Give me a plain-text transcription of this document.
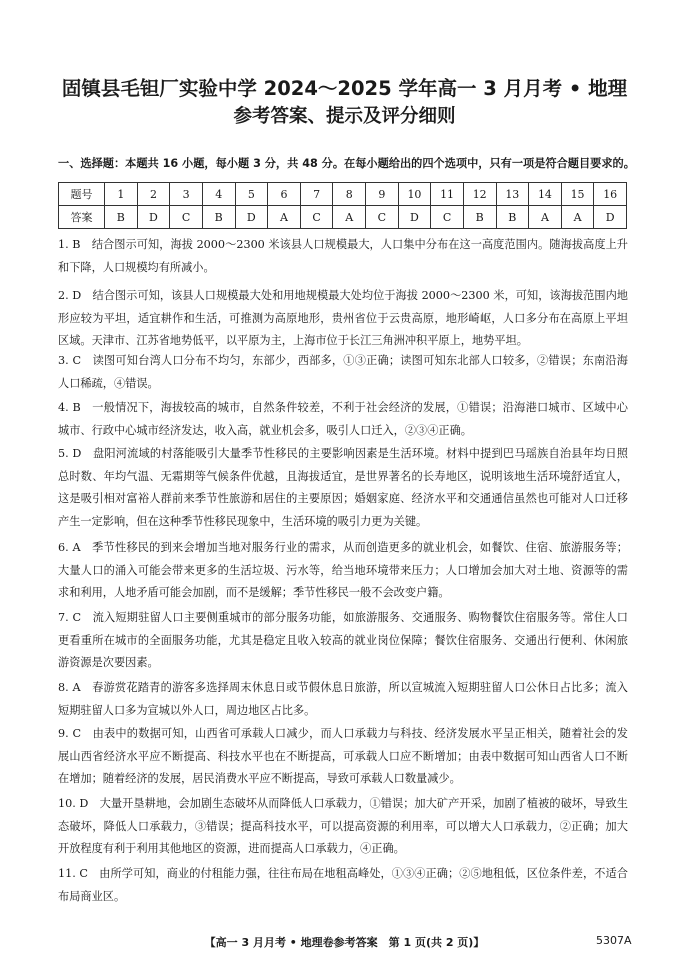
固镇县毛钽厂实验中学 2024～2025 学年高一 3 月月考 • 地理
参考答案、提示及评分细则
一、选择题：本题共 16 小题，每小题 3 分，共 48 分。在每小题给出的四个选项中，只有一项是符合题目要求的。
题号	1	2	3	4	5	6	7	8	9	10	11	12	13	14	15	16
答案	B	D	C	B	D	A	C	A	C	D	C	B	B	A	A	D

1. B　 结合图示可知，海拔 2000～2300 米该县人口规模最大，人口集中分布在这一高度范围内。随海拔高度上升和下降，人口规模均有所减小。

2. D　 结合图示可知，该县人口规模最大处和用地规模最大处均位于海拔 2000～2300 米，可知，该海拔范围内地形应较为平坦，适宜耕作和生活，可推测为高原地形，贵州省位于云贵高原，地形崎岖，人口多分布在高原上平坦区域。天津市、江苏省地势低平，以平原为主，上海市位于长江三角洲冲积平原上，地势平坦。

3. C　 读图可知台湾人口分布不均匀，东部少，西部多，①③正确；读图可知东北部人口较多，②错误；东南沿海人口稀疏，④错误。

4. B　 一般情况下，海拔较高的城市，自然条件较差，不利于社会经济的发展，①错误；沿海港口城市、区域中心城市、行政中心城市经济发达，收入高，就业机会多，吸引人口迁入，②③④正确。

5. D　 盘阳河流域的村落能吸引大量季节性移民的主要影响因素是生活环境。材料中提到巴马瑶族自治县年均日照总时数、年均气温、无霜期等气候条件优越，且海拔适宜，是世界著名的长寿地区，说明该地生活环境舒适宜人，这是吸引相对富裕人群前来季节性旅游和居住的主要原因；婚姻家庭、经济水平和交通通信虽然也可能对人口迁移产生一定影响，但在这种季节性移民现象中，生活环境的吸引力更为关键。

6. A　 季节性移民的到来会增加当地对服务行业的需求，从而创造更多的就业机会，如餐饮、住宿、旅游服务等；大量人口的涌入可能会带来更多的生活垃圾、污水等，给当地环境带来压力；人口增加会加大对土地、资源等的需求和利用，人地矛盾可能会加剧，而不是缓解；季节性移民一般不会改变户籍。

7. C　 流入短期驻留人口主要侧重城市的部分服务功能，如旅游服务、交通服务、购物餐饮住宿服务等。常住人口更看重所在城市的全面服务功能，尤其是稳定且收入较高的就业岗位保障；餐饮住宿服务、交通出行便利、休闲旅游资源是次要因素。

8. A　 春游赏花踏青的游客多选择周末休息日或节假休息日旅游，所以宣城流入短期驻留人口公休日占比多；流入短期驻留人口多为宣城以外人口，周边地区占比多。

9. C　 由表中的数据可知，山西省可承载人口减少，而人口承载力与科技、经济发展水平呈正相关，随着社会的发展山西省经济水平应不断提高、科技水平也在不断提高，可承载人口应不断增加；由表中数据可知山西省人口不断在增加；随着经济的发展，居民消费水平应不断提高，导致可承载人口数量减少。

10. D　 大量开垦耕地，会加剧生态破坏从而降低人口承载力，①错误；加大矿产开采，加剧了植被的破坏，导致生态破坏，降低人口承载力，③错误；提高科技水平，可以提高资源的利用率，可以增大人口承载力，②正确；加大开放程度有利于利用其他地区的资源，进而提高人口承载力，④正确。

11. C　 由所学可知，商业的付租能力强，往往布局在地租高峰处，①③④正确；②⑤地租低，区位条件差，不适合布局商业区。

【高一 3 月月考 • 地理卷参考答案　第 1 页(共 2 页)】	5307A
